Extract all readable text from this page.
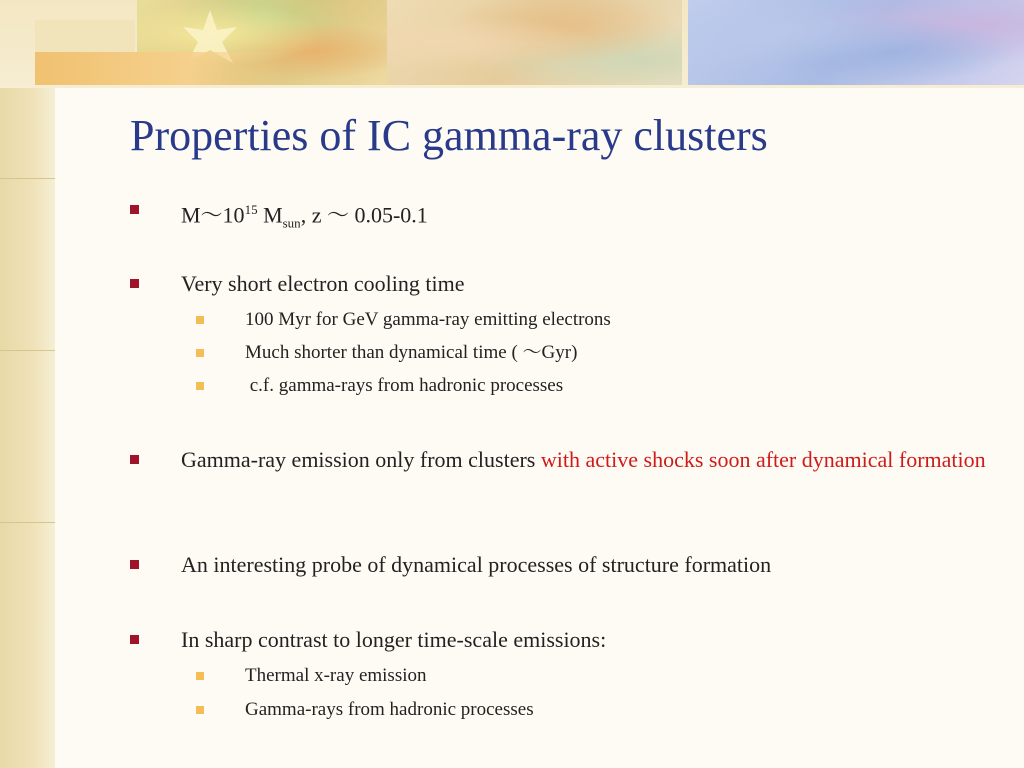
Properties of IC gamma-ray clusters
M〜$10^{15}$ $M_{sun}$, z 〜 0.05-0.1
Very short electron cooling time
100 Myr for GeV gamma-ray emitting electrons
Much shorter than dynamical time ( 〜Gyr)
c.f. gamma-rays from hadronic processes
Gamma-ray emission only from clusters with active shocks soon after dynamical formation
An interesting probe of dynamical processes of structure formation
In sharp contrast to longer time-scale emissions:
Thermal x-ray emission
Gamma-rays from hadronic processes
